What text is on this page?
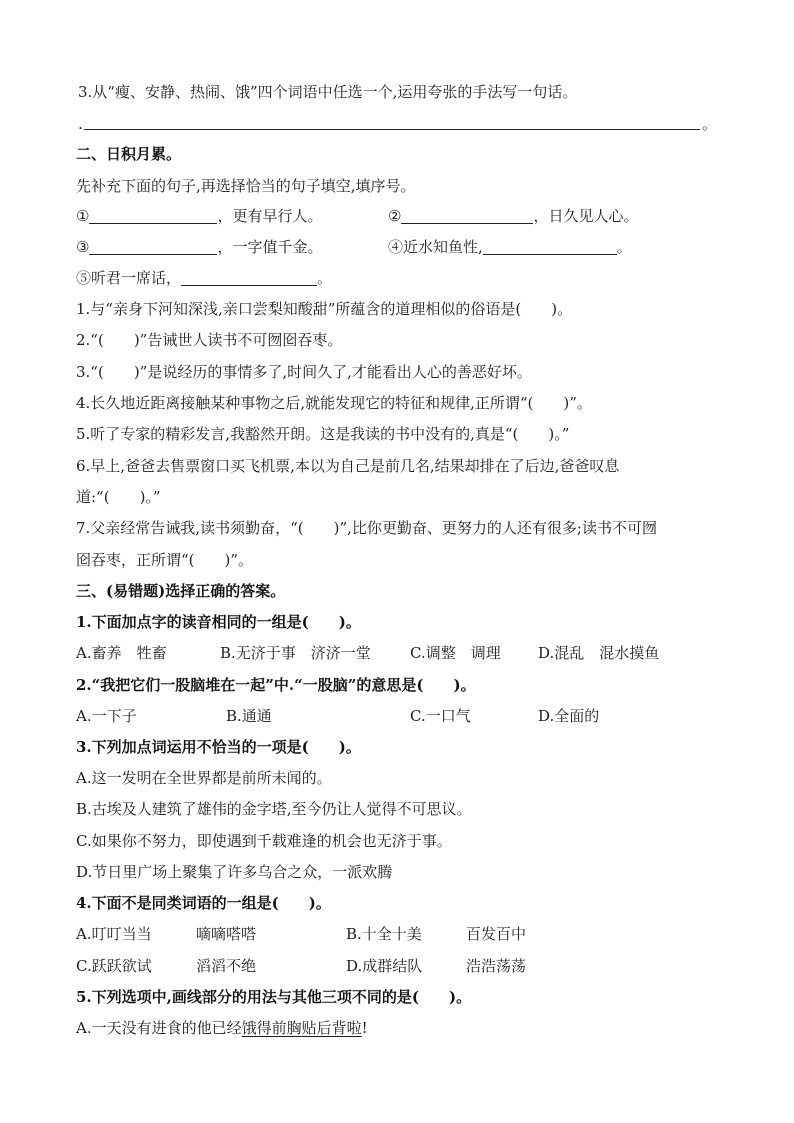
3.从“瘦、安静、热闹、饿”四个词语中任选一个,运用夸张的手法写一句话。
.	。
二、日积月累。
先补充下面的句子,再选择恰当的句子填空,填序号。
①	，更有早行人。	②	，日久见人心。
③	，一字值千金。	④近水知鱼性,	。
⑤听君一席话，	。
1.与“亲身下河知深浅,亲口尝梨知酸甜”所蕴含的道理相似的俗语是(　　)。
2.“(　　)”告诫世人读书不可囫囵吞枣。
3.“(　　)”是说经历的事情多了,时间久了,才能看出人心的善恶好坏。
4.长久地近距离接触某种事物之后,就能发现它的特征和规律,正所谓“(　　)”。
5.听了专家的精彩发言,我豁然开朗。这是我读的书中没有的,真是“(　　)。”
6.早上,爸爸去售票窗口买飞机票,本以为自己是前几名,结果却排在了后边,爸爸叹息
道:“(　　)。”
7.父亲经常告诫我,读书须勤奋，“(　　)”,比你更勤奋、更努力的人还有很多;读书不可囫
囵吞枣，正所谓“(　　)”。
三、(易错题)选择正确的答案。
1.下面加点字的读音相同的一组是(　　)。
A.畜养　牲畜	B.无济于事　济济一堂	C.调整　调理 D.混乱　混水摸鱼
2.“我把它们一股脑堆在一起”中.“一股脑”的意思是(　　)。
A.一下子	B.通通	C.一口气	D.全面的
3.下列加点词运用不恰当的一项是(　　)。
A.这一发明在全世界都是前所未闻的。
B.古埃及人建筑了雄伟的金字塔,至今仍让人觉得不可思议。
C.如果你不努力，即使遇到千载难逢的机会也无济于事。
D.节日里广场上聚集了许多乌合之众，一派欢腾
4.下面不是同类词语的一组是(　　)。
A.叮叮当当	嘀嘀嗒嗒	B.十全十美	百发百中
C.跃跃欲试	滔滔不绝	D.成群结队	浩浩荡荡
5.下列选项中,画线部分的用法与其他三项不同的是(　　)。
A.一天没有进食的他已经饿得前胸贴后背啦!
